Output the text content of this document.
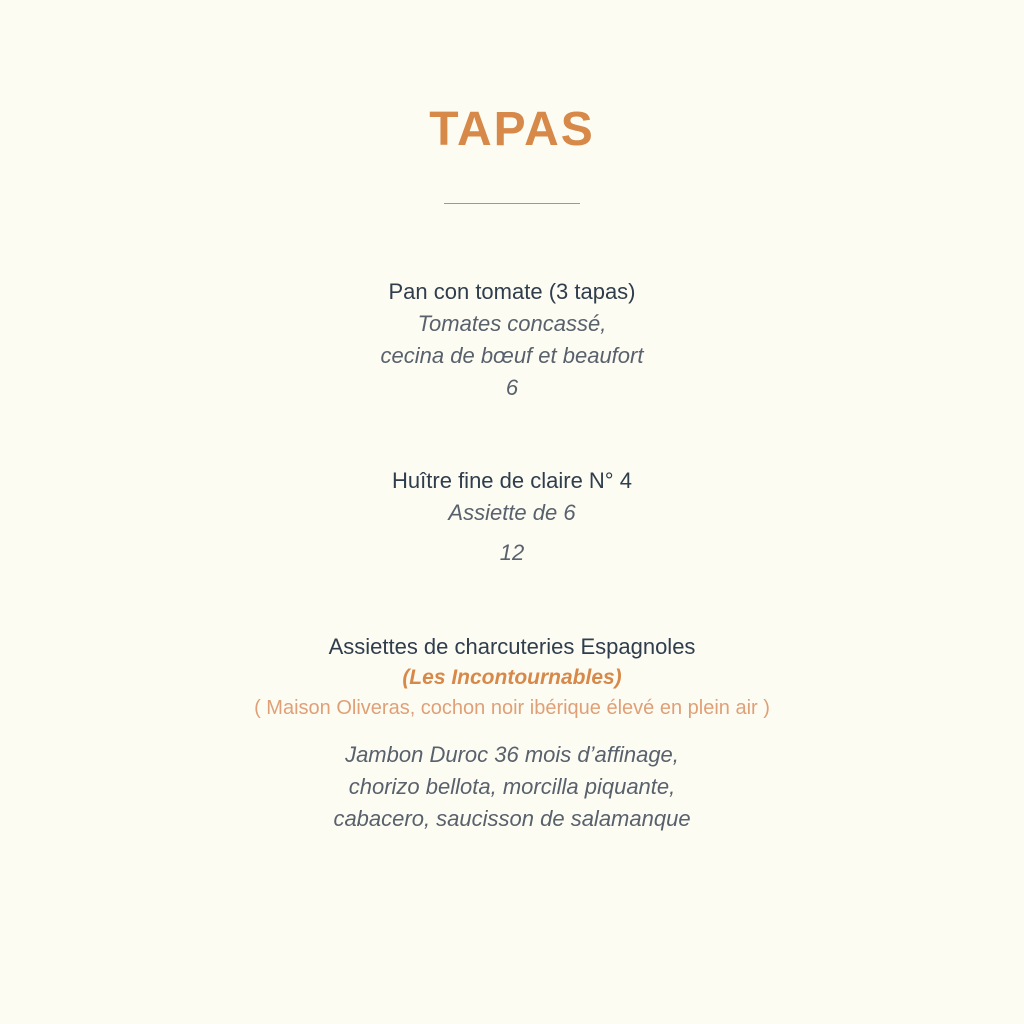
TAPAS
Pan con tomate (3 tapas)
Tomates concassé,
cecina de bœuf et beaufort
6
Huître fine de claire N° 4
Assiette de 6
12
Assiettes de charcuteries Espagnoles
(Les Incontournables)
( Maison Oliveras, cochon noir ibérique élevé en plein air )
Jambon Duroc 36 mois d’affinage,
chorizo bellota, morcilla piquante,
cabacero, saucisson de salamanque
